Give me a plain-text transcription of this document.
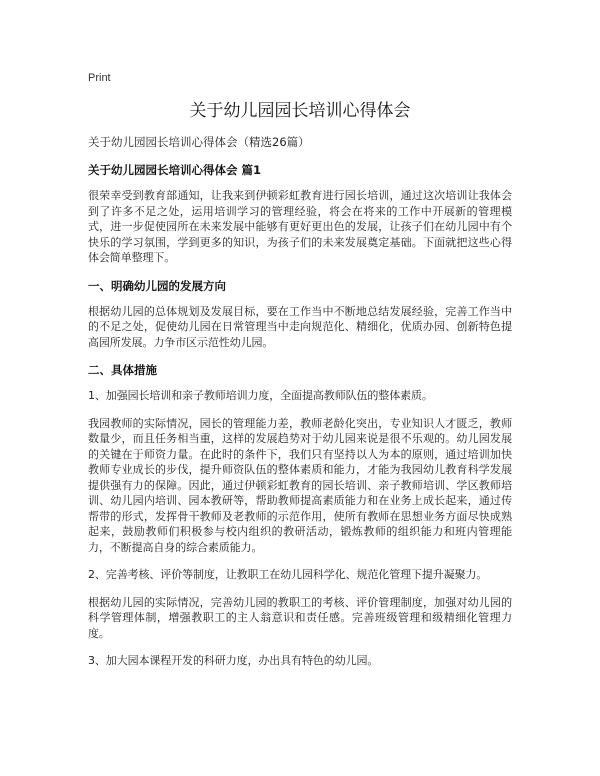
Print
关于幼儿园园长培训心得体会
关于幼儿园园长培训心得体会（精选26篇）
关于幼儿园园长培训心得体会 篇1

很荣幸受到教育部通知，让我来到伊顿彩虹教育进行园长培训，通过这次培训让我体会到了许多不足之处，运用培训学习的管理经验，将会在将来的工作中开展新的管理模式，进一步促使园所在未来发展中能够有更好更出色的发展，让孩子们在幼儿园中有个快乐的学习氛围，学到更多的知识，为孩子们的未来发展奠定基础。下面就把这些心得体会简单整理下。

一、明确幼儿园的发展方向

根据幼儿园的总体规划及发展目标，要在工作当中不断地总结发展经验，完善工作当中的不足之处，促使幼儿园在日常管理当中走向规范化、精细化，优质办园、创新特色提高园所发展。力争市区示范性幼儿园。

二、具体措施

1、加强园长培训和亲子教师培训力度，全面提高教师队伍的整体素质。

我园教师的实际情况，园长的管理能力差，教师老龄化突出，专业知识人才匮乏，教师数量少，而且任务相当重，这样的发展趋势对于幼儿园来说是很不乐观的。幼儿园发展的关键在于师资力量。在此时的条件下，我们只有坚持以人为本的原则，通过培训加快教师专业成长的步伐，提升师资队伍的整体素质和能力，才能为我园幼儿教育科学发展提供强有力的保障。因此，通过伊顿彩虹教育的园长培训、亲子教师培训、学区教师培训、幼儿园内培训、园本教研等，帮助教师提高素质能力和在业务上成长起来，通过传帮带的形式，发挥骨干教师及老教师的示范作用，使所有教师在思想业务方面尽快成熟起来，鼓励教师们积极参与校内组织的教研活动，锻炼教师的组织能力和班内管理能力，不断提高自身的综合素质能力。

2、完善考核、评价等制度，让教职工在幼儿园科学化、规范化管理下提升凝聚力。

根据幼儿园的实际情况，完善幼儿园的教职工的考核、评价管理制度，加强对幼儿园的科学管理体制，增强教职工的主人翁意识和责任感。完善班级管理和级精细化管理力度。

3、加大园本课程开发的科研力度，办出具有特色的幼儿园。
